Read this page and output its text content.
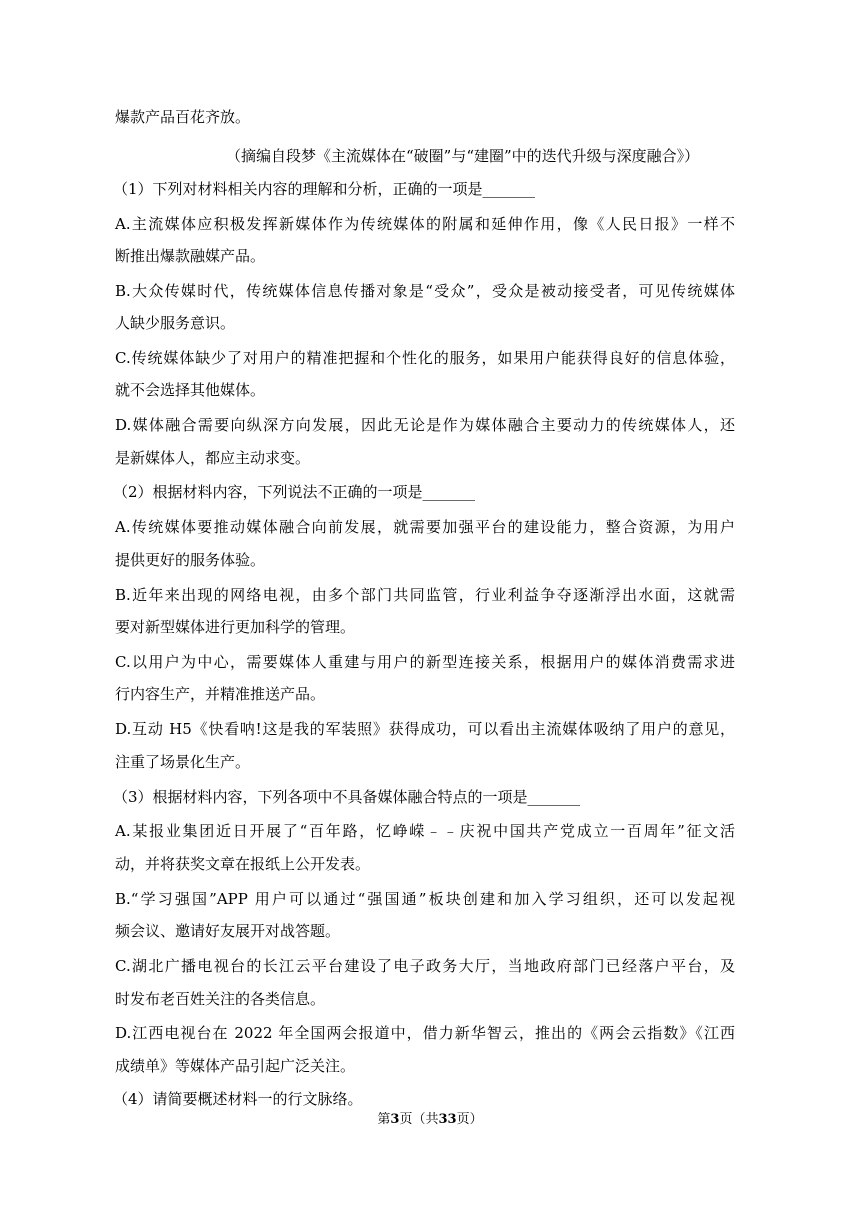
爆款产品百花齐放。
（摘编自段梦《主流媒体在“破圈”与“建圈”中的迭代升级与深度融合》）
（1）下列对材料相关内容的理解和分析，正确的一项是_______
A.主流媒体应积极发挥新媒体作为传统媒体的附属和延伸作用，像《人民日报》一样不
断推出爆款融媒产品。
B.大众传媒时代，传统媒体信息传播对象是“受众”，受众是被动接受者，可见传统媒体
人缺少服务意识。
C.传统媒体缺少了对用户的精准把握和个性化的服务，如果用户能获得良好的信息体验，
就不会选择其他媒体。
D.媒体融合需要向纵深方向发展，因此无论是作为媒体融合主要动力的传统媒体人，还
是新媒体人，都应主动求变。
（2）根据材料内容，下列说法不正确的一项是_______
A.传统媒体要推动媒体融合向前发展，就需要加强平台的建设能力，整合资源，为用户
提供更好的服务体验。
B.近年来出现的网络电视，由多个部门共同监管，行业利益争夺逐渐浮出水面，这就需
要对新型媒体进行更加科学的管理。
C.以用户为中心，需要媒体人重建与用户的新型连接关系，根据用户的媒体消费需求进
行内容生产，并精准推送产品。
D.互动 H5《快看呐!这是我的军装照》获得成功，可以看出主流媒体吸纳了用户的意见，
注重了场景化生产。
（3）根据材料内容，下列各项中不具备媒体融合特点的一项是_______
A.某报业集团近日开展了“百年路，忆峥嵘﹣﹣庆祝中国共产党成立一百周年”征文活
动，并将获奖文章在报纸上公开发表。
B.“学习强国”APP 用户可以通过“强国通”板块创建和加入学习组织，还可以发起视
频会议、邀请好友展开对战答题。
C.湖北广播电视台的长江云平台建设了电子政务大厅，当地政府部门已经落户平台，及
时发布老百姓关注的各类信息。
D.江西电视台在 2022 年全国两会报道中，借力新华智云，推出的《两会云指数》《江西
成绩单》等媒体产品引起广泛关注。
（4）请简要概述材料一的行文脉络。
第3页（共33页）
